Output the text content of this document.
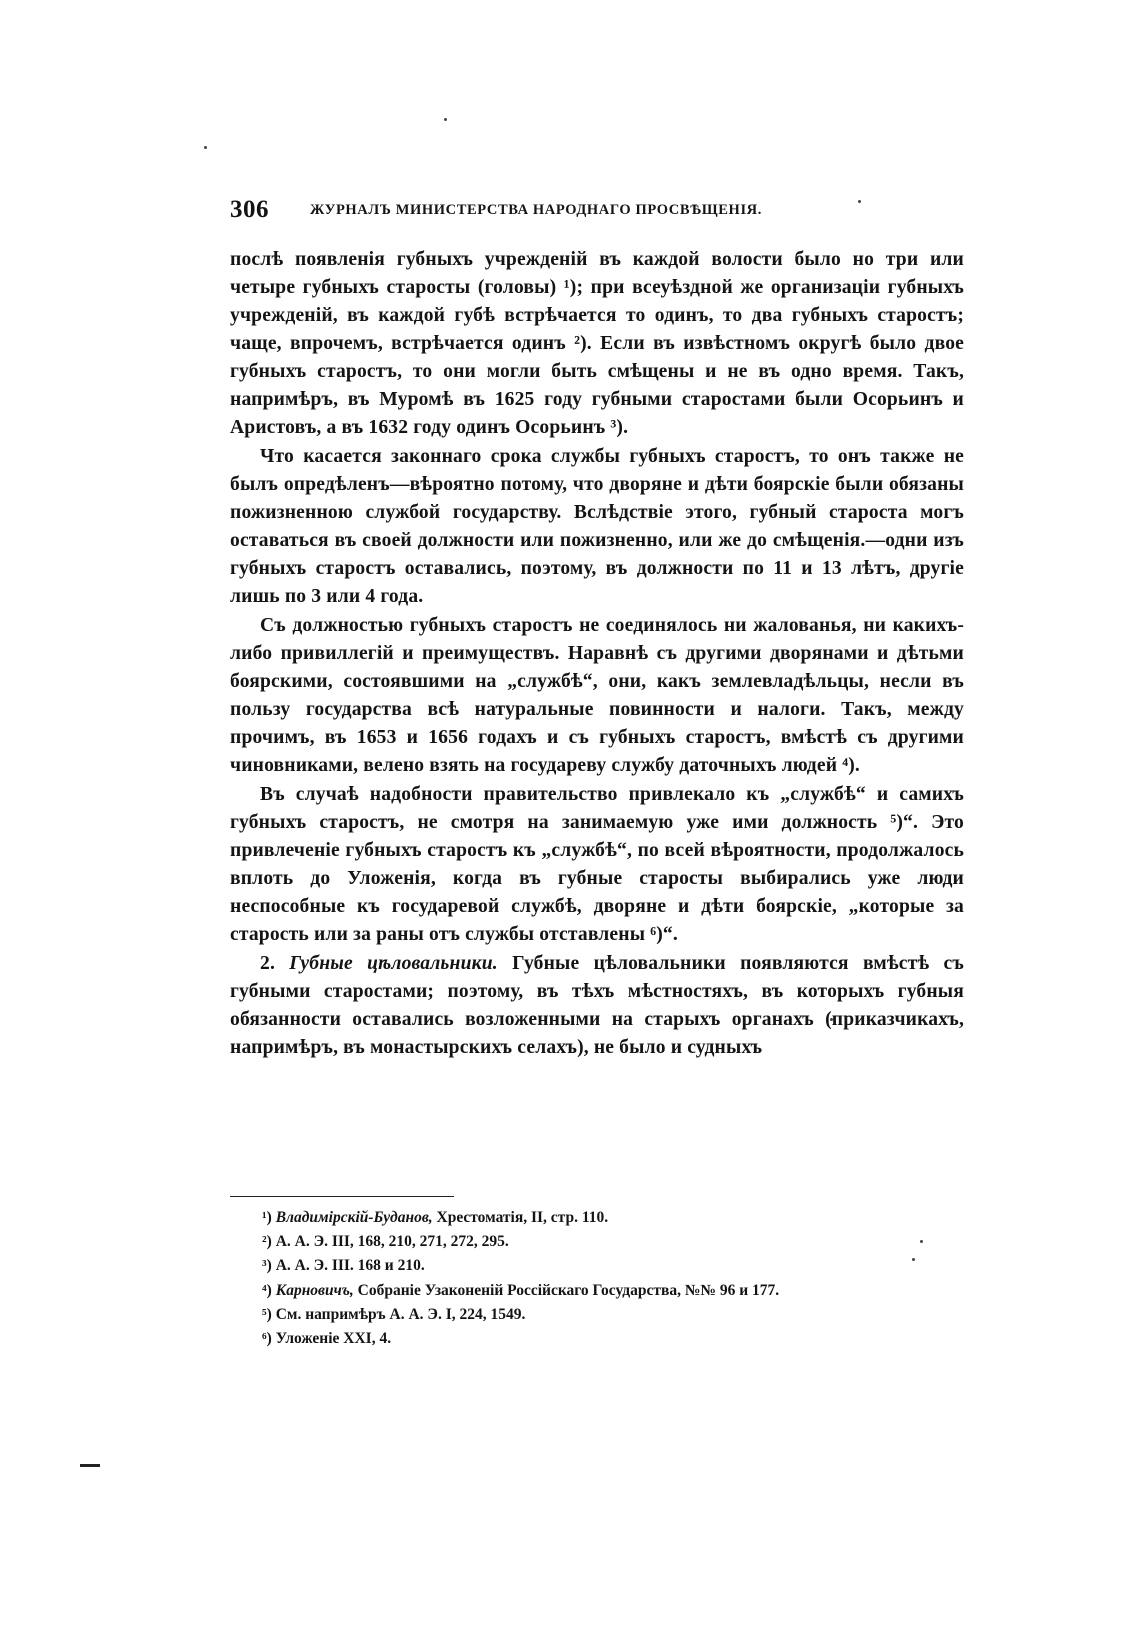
306	ЖУРНАЛЪ МИНИСТЕРСТВА НАРОДНАГО ПРОСВѢЩЕНІЯ.

послѣ появленія губныхъ учрежденій въ каждой волости было но три или четыре губныхъ старосты (головы) ¹); при всеуѣздной же организаціи губныхъ учрежденій, въ каждой губѣ встрѣчается то одинъ, то два губныхъ старостъ; чаще, впрочемъ, встрѣчается одинъ ²). Если въ извѣстномъ округѣ было двое губныхъ старостъ, то они могли быть смѣщены и не въ одно время. Такъ, напримѣръ, въ Муромѣ въ 1625 году губными старостами были Осорьинъ и Аристовъ, а въ 1632 году одинъ Осорьинъ ³).

Что касается законнаго срока службы губныхъ старостъ, то онъ также не былъ опредѣленъ—вѣроятно потому, что дворяне и дѣти боярскіе были обязаны пожизненною службой государству. Вслѣдствіе этого, губный староста могъ оставаться въ своей должности или пожизненно, или же до смѣщенія.—одни изъ губныхъ старостъ оставались, поэтому, въ должности по 11 и 13 лѣтъ, другіе лишь по 3 или 4 года.

Съ должностью губныхъ старостъ не соединялось ни жалованья, ни какихъ-либо привиллегій и преимуществъ. Наравнѣ съ другими дворянами и дѣтьми боярскими, состоявшими на „службѣ“, они, какъ землевладѣльцы, несли въ пользу государства всѣ натуральные повинности и налоги. Такъ, между прочимъ, въ 1653 и 1656 годахъ и съ губныхъ старостъ, вмѣстѣ съ другими чиновниками, велено взять на государеву службу даточныхъ людей ⁴).

Въ случаѣ надобности правительство привлекало къ „службѣ“ и самихъ губныхъ старостъ, не смотря на занимаемую уже ими должность ⁵)“. Это привлеченіе губныхъ старостъ къ „службѣ“, по всей вѣроятности, продолжалось вплоть до Уложенія, когда въ губные старосты выбирались уже люди неспособные къ государевой службѣ, дворяне и дѣти боярскіе, „которые за старость или за раны отъ службы отставлены ⁶)“.

2. Губные цѣловальники. Губные цѣловальники появляются вмѣстѣ съ губными старостами; поэтому, въ тѣхъ мѣстностяхъ, въ которыхъ губныя обязанности оставались возложенными на старыхъ органахъ (приказчикахъ, напримѣръ, въ монастырскихъ селахъ), не было и судныхъ

¹) Владимірскій-Буданов, Хрестоматія, II, стр. 110.
²) А. А. Э. III, 168, 210, 271, 272, 295.
³) А. А. Э. III. 168 и 210.
⁴) Карновичъ, Собраніе Узаконеній Россійскаго Государства, №№ 96 и 177.
⁵) См. напримѣръ А. А. Э. I, 224, 1549.
⁶) Уложеніе XXI, 4.
